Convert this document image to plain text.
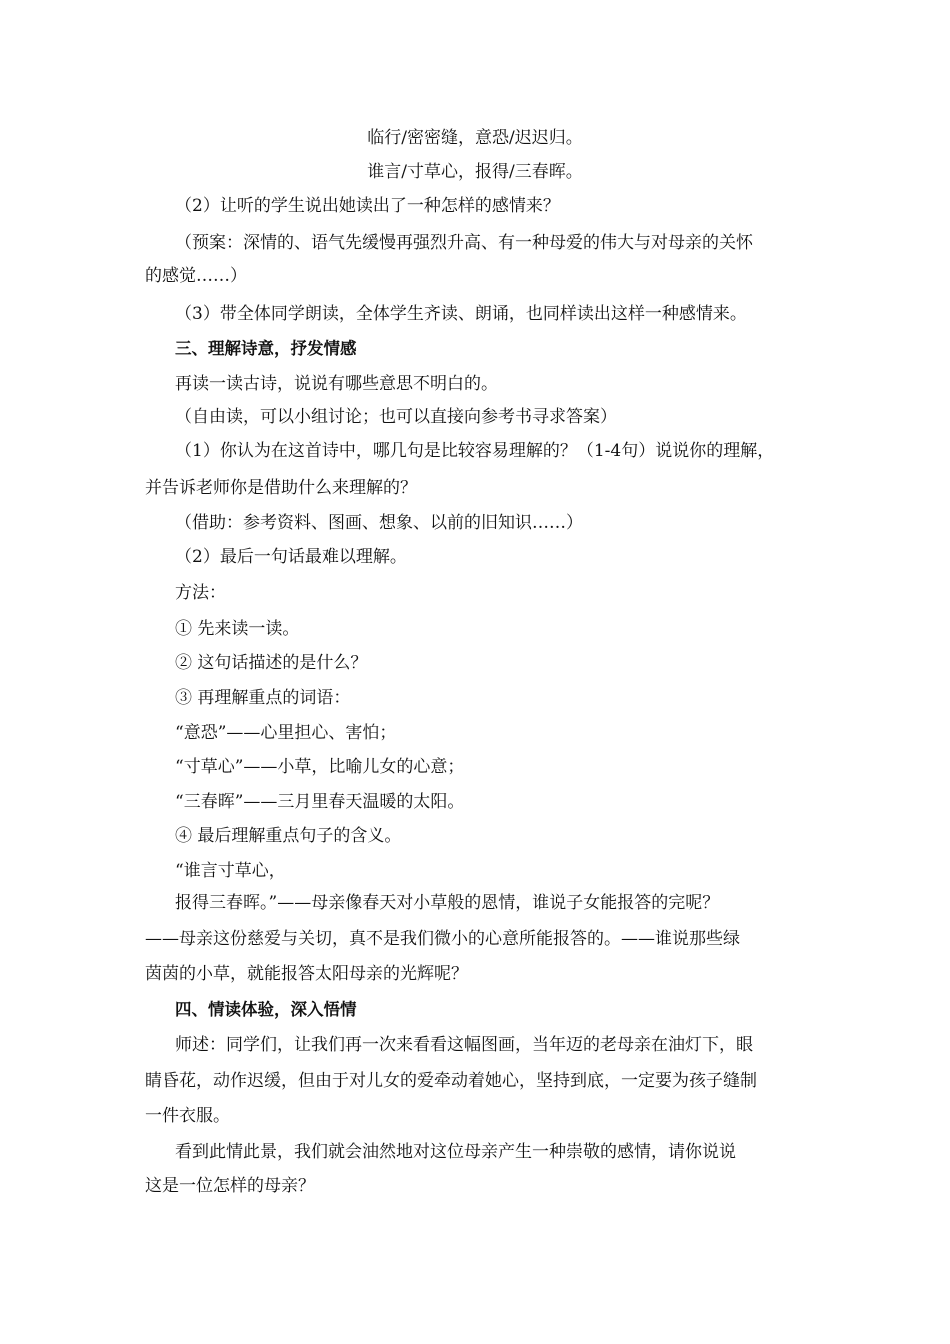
临行/密密缝，意恐/迟迟归。
谁言/寸草心，报得/三春晖。
（2）让听的学生说出她读出了一种怎样的感情来？
（预案：深情的、语气先缓慢再强烈升高、有一种母爱的伟大与对母亲的关怀
的感觉……）
（3）带全体同学朗读，全体学生齐读、朗诵，也同样读出这样一种感情来。
三、理解诗意，抒发情感
再读一读古诗，说说有哪些意思不明白的。
（自由读，可以小组讨论；也可以直接向参考书寻求答案）
（1）你认为在这首诗中，哪几句是比较容易理解的？（1-4句）说说你的理解，
并告诉老师你是借助什么来理解的？
（借助：参考资料、图画、想象、以前的旧知识……）
（2）最后一句话最难以理解。
方法：
① 先来读一读。
② 这句话描述的是什么？
③ 再理解重点的词语：
“意恐”——心里担心、害怕；
“寸草心”——小草，比喻儿女的心意；
“三春晖”——三月里春天温暖的太阳。
④ 最后理解重点句子的含义。
“谁言寸草心，
报得三春晖。”——母亲像春天对小草般的恩情，谁说子女能报答的完呢？
——母亲这份慈爱与关切，真不是我们微小的心意所能报答的。——谁说那些绿
茵茵的小草，就能报答太阳母亲的光辉呢？
四、情读体验，深入悟情
师述：同学们，让我们再一次来看看这幅图画，当年迈的老母亲在油灯下，眼
睛昏花，动作迟缓，但由于对儿女的爱牵动着她心，坚持到底，一定要为孩子缝制
一件衣服。
看到此情此景，我们就会油然地对这位母亲产生一种崇敬的感情，请你说说
这是一位怎样的母亲？
